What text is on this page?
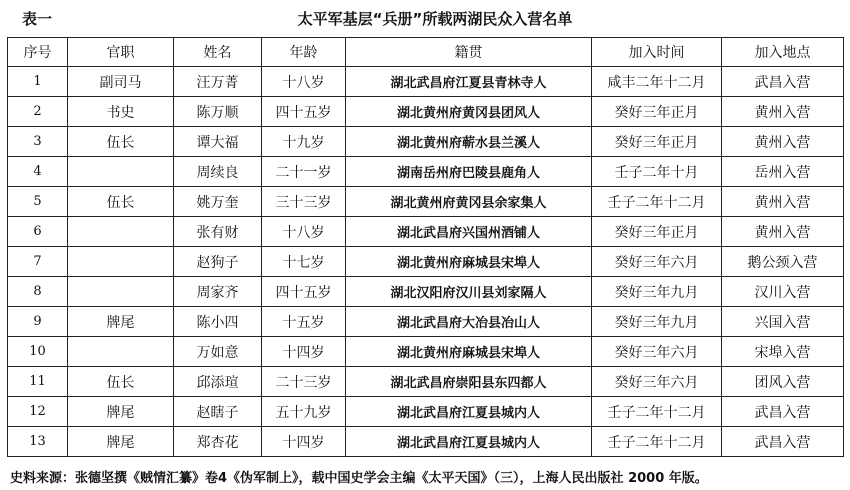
表一	太平军基层“兵册”所载两湖民众入营名单
序号	官职	姓名	年龄	籍贯	加入时间	加入地点
1	副司马	汪万菁	十八岁	湖北武昌府江夏县青林寺人	咸丰二年十二月	武昌入营
2	书史	陈万顺	四十五岁	湖北黄州府黄冈县团风人	癸好三年正月	黄州入营
3	伍长	谭大福	十九岁	湖北黄州府蕲水县兰溪人	癸好三年正月	黄州入营
4		周续良	二十一岁	湖南岳州府巴陵县鹿角人	壬子二年十月	岳州入营
5	伍长	姚万奎	三十三岁	湖北黄州府黄冈县余家集人	壬子二年十二月	黄州入营
6		张有财	十八岁	湖北武昌府兴国州酒铺人	癸好三年正月	黄州入营
7		赵狗子	十七岁	湖北黄州府麻城县宋埠人	癸好三年六月	鹅公颈入营
8		周家齐	四十五岁	湖北汉阳府汉川县刘家隔人	癸好三年九月	汉川入营
9	牌尾	陈小四	十五岁	湖北武昌府大冶县冶山人	癸好三年九月	兴国入营
10		万如意	十四岁	湖北黄州府麻城县宋埠人	癸好三年六月	宋埠入营
11	伍长	邱添瑄	二十三岁	湖北武昌府崇阳县东四都人	癸好三年六月	团风入营
12	牌尾	赵瞎子	五十九岁	湖北武昌府江夏县城内人	壬子二年十二月	武昌入营
13	牌尾	郑杏花	十四岁	湖北武昌府江夏县城内人	壬子二年十二月	武昌入营
史料来源：张德坚撰《贼情汇纂》卷4《伪军制上》，载中国史学会主编《太平天国》（三），上海人民出版社 2000 年版。
